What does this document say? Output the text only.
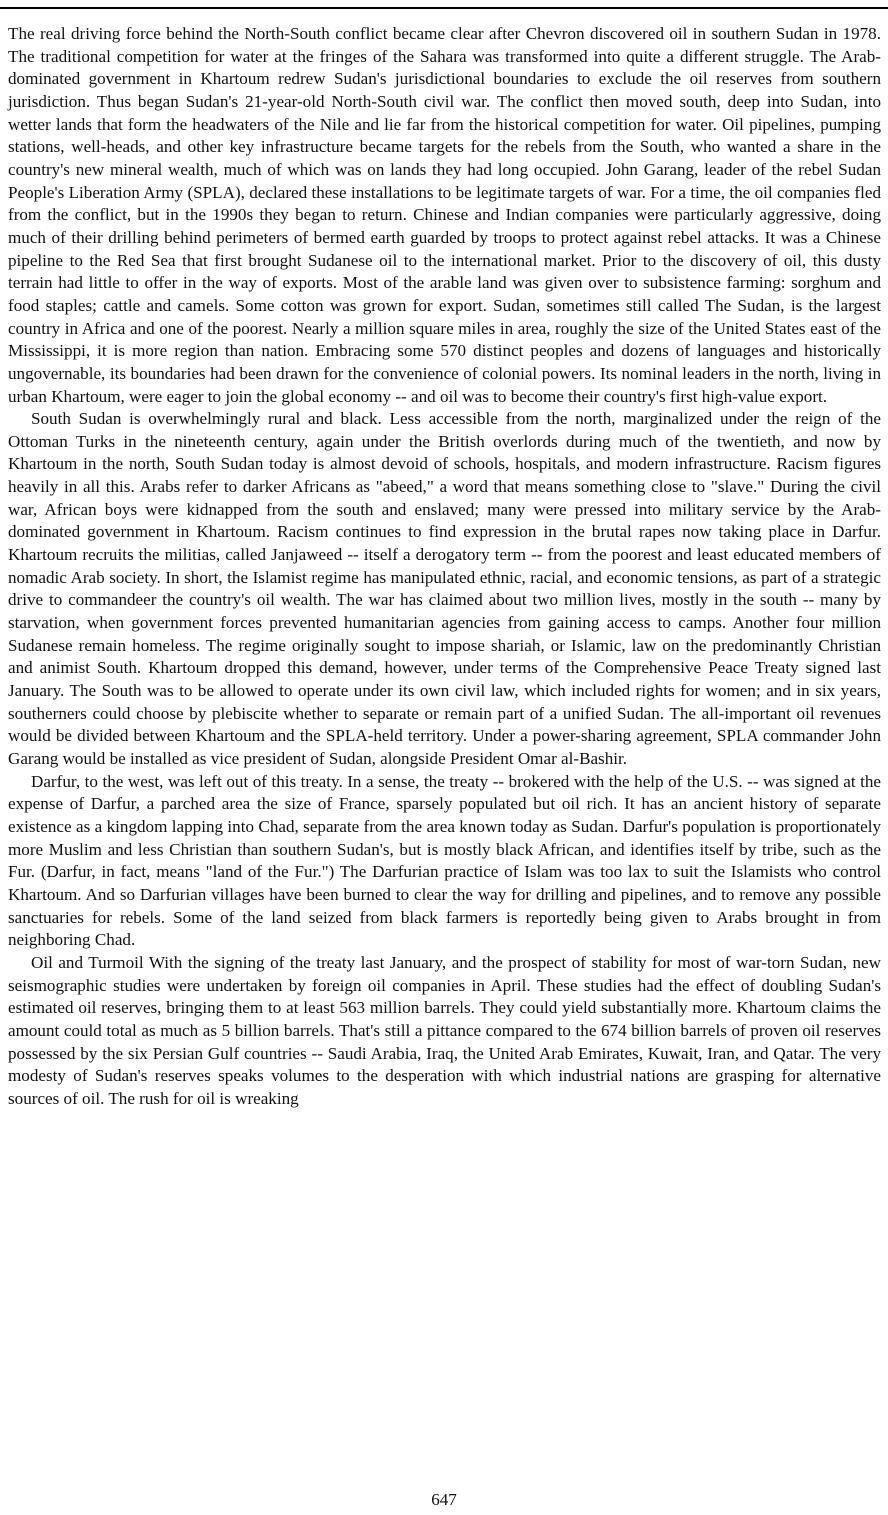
The real driving force behind the North-South conflict became clear after Chevron discovered oil in southern Sudan in 1978. The traditional competition for water at the fringes of the Sahara was transformed into quite a different struggle. The Arab-dominated government in Khartoum redrew Sudan's jurisdictional boundaries to exclude the oil reserves from southern jurisdiction. Thus began Sudan's 21-year-old North-South civil war. The conflict then moved south, deep into Sudan, into wetter lands that form the headwaters of the Nile and lie far from the historical competition for water. Oil pipelines, pumping stations, well-heads, and other key infrastructure became targets for the rebels from the South, who wanted a share in the country's new mineral wealth, much of which was on lands they had long occupied. John Garang, leader of the rebel Sudan People's Liberation Army (SPLA), declared these installations to be legitimate targets of war. For a time, the oil companies fled from the conflict, but in the 1990s they began to return. Chinese and Indian companies were particularly aggressive, doing much of their drilling behind perimeters of bermed earth guarded by troops to protect against rebel attacks. It was a Chinese pipeline to the Red Sea that first brought Sudanese oil to the international market. Prior to the discovery of oil, this dusty terrain had little to offer in the way of exports. Most of the arable land was given over to subsistence farming: sorghum and food staples; cattle and camels. Some cotton was grown for export. Sudan, sometimes still called The Sudan, is the largest country in Africa and one of the poorest. Nearly a million square miles in area, roughly the size of the United States east of the Mississippi, it is more region than nation. Embracing some 570 distinct peoples and dozens of languages and historically ungovernable, its boundaries had been drawn for the convenience of colonial powers. Its nominal leaders in the north, living in urban Khartoum, were eager to join the global economy -- and oil was to become their country's first high-value export.

South Sudan is overwhelmingly rural and black. Less accessible from the north, marginalized under the reign of the Ottoman Turks in the nineteenth century, again under the British overlords during much of the twentieth, and now by Khartoum in the north, South Sudan today is almost devoid of schools, hospitals, and modern infrastructure. Racism figures heavily in all this. Arabs refer to darker Africans as "abeed," a word that means something close to "slave." During the civil war, African boys were kidnapped from the south and enslaved; many were pressed into military service by the Arab-dominated government in Khartoum. Racism continues to find expression in the brutal rapes now taking place in Darfur. Khartoum recruits the militias, called Janjaweed -- itself a derogatory term -- from the poorest and least educated members of nomadic Arab society. In short, the Islamist regime has manipulated ethnic, racial, and economic tensions, as part of a strategic drive to commandeer the country's oil wealth. The war has claimed about two million lives, mostly in the south -- many by starvation, when government forces prevented humanitarian agencies from gaining access to camps. Another four million Sudanese remain homeless. The regime originally sought to impose shariah, or Islamic, law on the predominantly Christian and animist South. Khartoum dropped this demand, however, under terms of the Comprehensive Peace Treaty signed last January. The South was to be allowed to operate under its own civil law, which included rights for women; and in six years, southerners could choose by plebiscite whether to separate or remain part of a unified Sudan. The all-important oil revenues would be divided between Khartoum and the SPLA-held territory. Under a power-sharing agreement, SPLA commander John Garang would be installed as vice president of Sudan, alongside President Omar al-Bashir.

Darfur, to the west, was left out of this treaty. In a sense, the treaty -- brokered with the help of the U.S. -- was signed at the expense of Darfur, a parched area the size of France, sparsely populated but oil rich. It has an ancient history of separate existence as a kingdom lapping into Chad, separate from the area known today as Sudan. Darfur's population is proportionately more Muslim and less Christian than southern Sudan's, but is mostly black African, and identifies itself by tribe, such as the Fur. (Darfur, in fact, means "land of the Fur.") The Darfurian practice of Islam was too lax to suit the Islamists who control Khartoum. And so Darfurian villages have been burned to clear the way for drilling and pipelines, and to remove any possible sanctuaries for rebels. Some of the land seized from black farmers is reportedly being given to Arabs brought in from neighboring Chad.

Oil and Turmoil With the signing of the treaty last January, and the prospect of stability for most of war-torn Sudan, new seismographic studies were undertaken by foreign oil companies in April. These studies had the effect of doubling Sudan's estimated oil reserves, bringing them to at least 563 million barrels. They could yield substantially more. Khartoum claims the amount could total as much as 5 billion barrels. That's still a pittance compared to the 674 billion barrels of proven oil reserves possessed by the six Persian Gulf countries -- Saudi Arabia, Iraq, the United Arab Emirates, Kuwait, Iran, and Qatar. The very modesty of Sudan's reserves speaks volumes to the desperation with which industrial nations are grasping for alternative sources of oil. The rush for oil is wreaking

647
